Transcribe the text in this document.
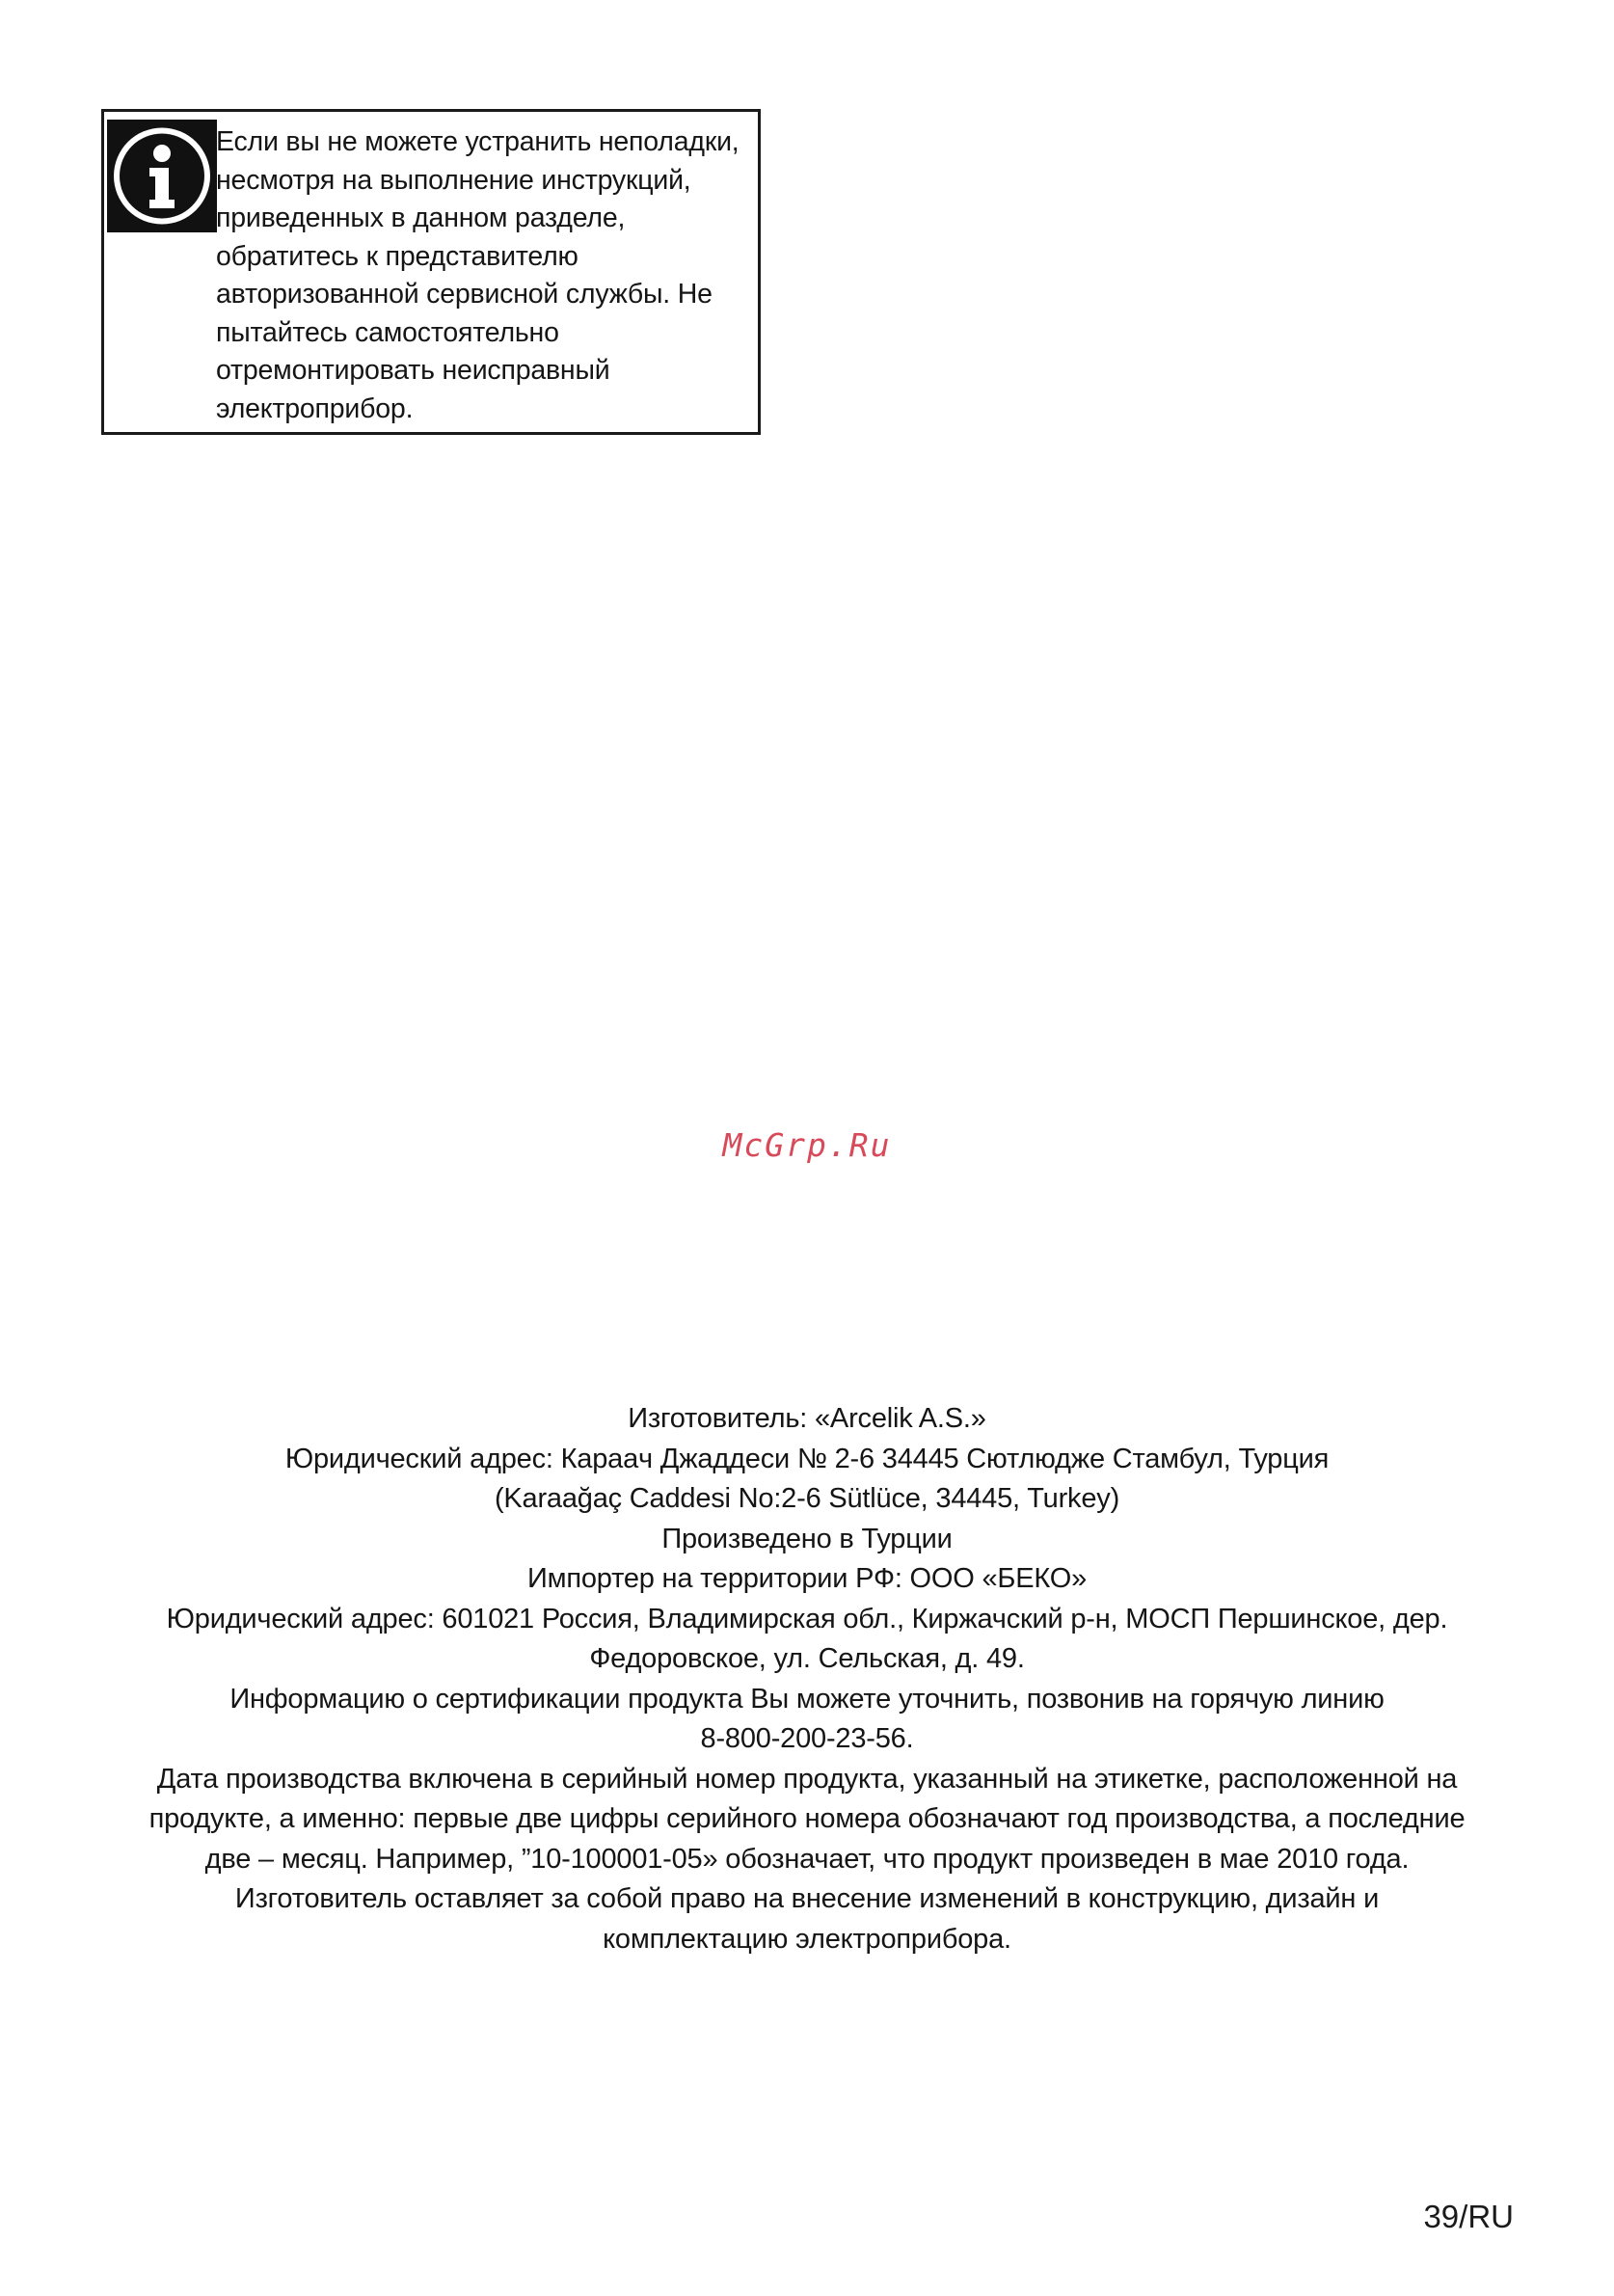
Если вы не можете устранить неполадки,
несмотря на выполнение инструкций,
приведенных в данном разделе,
обратитесь к представителю
авторизованной сервисной службы. Не
пытайтесь самостоятельно
отремонтировать неисправный
электроприбор.
McGrp.Ru
Изготовитель: «Arcelik A.S.»
Юридический адрес: Карaaч Джаддеси № 2-6 34445 Сютлюдже Стамбул, Турция
(Karaağaç Caddesi No:2-6 Sütlüce, 34445, Turkey)
Произведено в Турции
Импортер на территории РФ: ООО «БЕКО»
Юридический адрес: 601021 Россия, Владимирская обл., Киржачский р-н, МОСП Першинское, дер.
Федоровское, ул. Сельская, д. 49.
Информацию о сертификации продукта Вы можете уточнить, позвонив на горячую линию
8-800-200-23-56.
Дата производства включена в серийный номер продукта, указанный на этикетке, расположенной на
продукте, а именно: первые две цифры серийного номера обозначают год производства, а последние
две – месяц. Например, ”10-100001-05» обозначает, что продукт произведен в мае 2010 года.
Изготовитель оставляет за собой право на внесение изменений в конструкцию, дизайн и
комплектацию электроприбора.
39/RU
